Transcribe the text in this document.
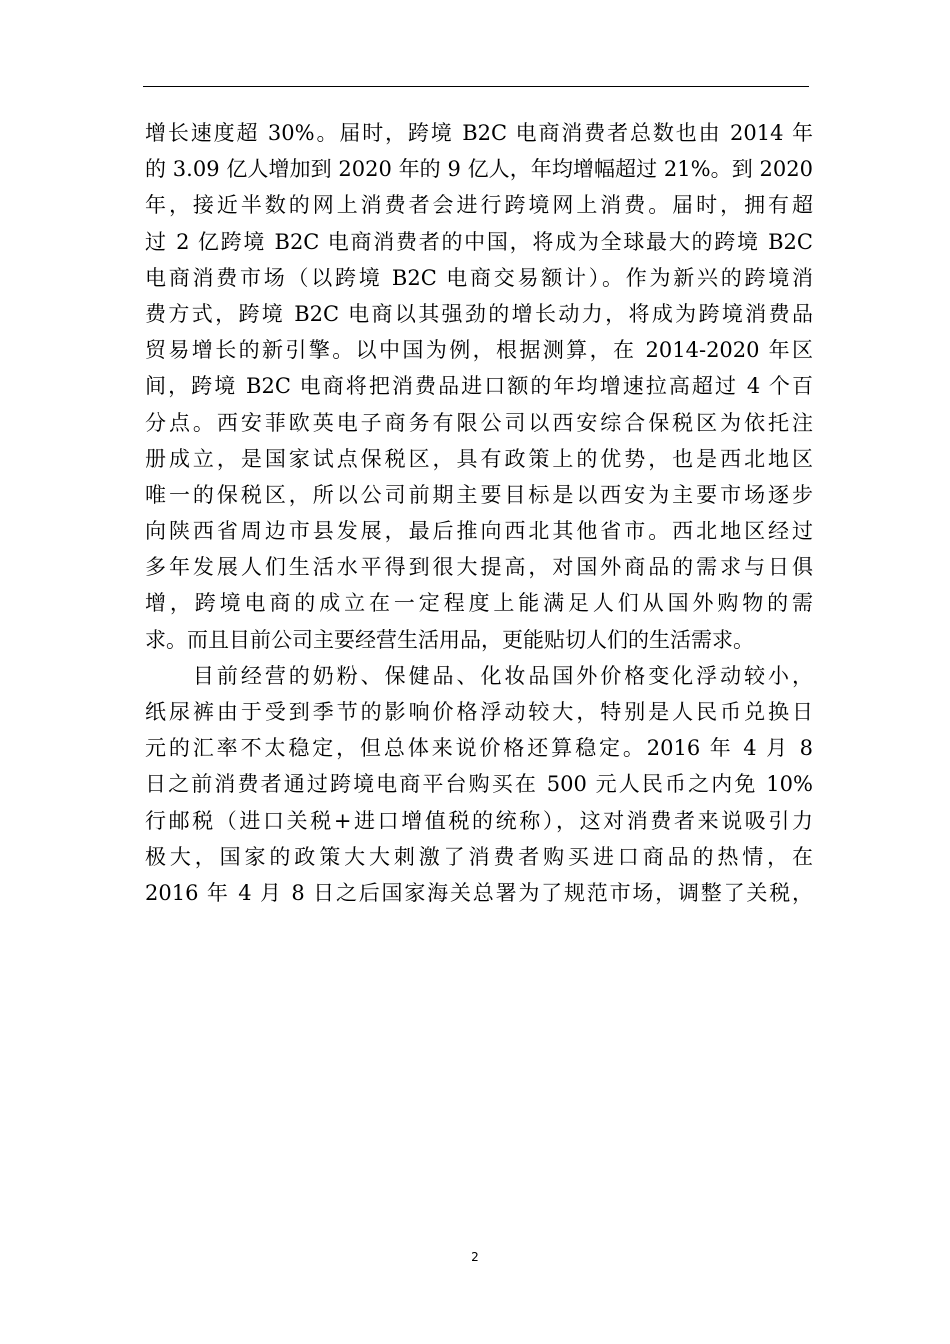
增长速度超 30%。届时，跨境 B2C 电商消费者总数也由 2014 年
的 3.09 亿人增加到 2020 年的 9 亿人，年均增幅超过 21%。到 2020
年，接近半数的网上消费者会进行跨境网上消费。届时，拥有超
过 2 亿跨境 B2C 电商消费者的中国，将成为全球最大的跨境 B2C
电商消费市场（以跨境 B2C 电商交易额计）。作为新兴的跨境消
费方式，跨境 B2C 电商以其强劲的增长动力，将成为跨境消费品
贸易增长的新引擎。以中国为例，根据测算，在 2014-2020 年区
间，跨境 B2C 电商将把消费品进口额的年均增速拉高超过 4 个百
分点。西安菲欧英电子商务有限公司以西安综合保税区为依托注
册成立，是国家试点保税区，具有政策上的优势，也是西北地区
唯一的保税区，所以公司前期主要目标是以西安为主要市场逐步
向陕西省周边市县发展，最后推向西北其他省市。西北地区经过
多年发展人们生活水平得到很大提高，对国外商品的需求与日俱
增，跨境电商的成立在一定程度上能满足人们从国外购物的需
求。而且目前公司主要经营生活用品，更能贴切人们的生活需求。
　　目前经营的奶粉、保健品、化妆品国外价格变化浮动较小，
纸尿裤由于受到季节的影响价格浮动较大，特别是人民币兑换日
元的汇率不太稳定，但总体来说价格还算稳定。2016 年 4 月 8
日之前消费者通过跨境电商平台购买在 500 元人民币之内免 10%
行邮税（进口关税+进口增值税的统称），这对消费者来说吸引力
极大，国家的政策大大刺激了消费者购买进口商品的热情，在
2016 年 4 月 8 日之后国家海关总署为了规范市场，调整了关税，
2
